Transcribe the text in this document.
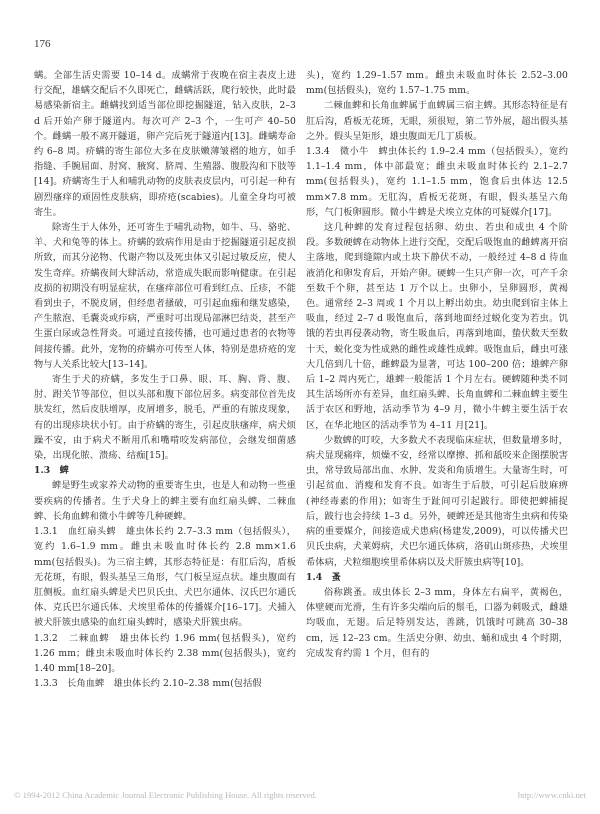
176

螨。全部生活史需要 10–14 d。成螨常于夜晚在宿主表皮上进行交配，雄螨交配后不久即死亡，雌螨活跃，爬行较快，此时最易感染新宿主。雌螨找到适当部位即挖掘隧道，钻入皮肤，2–3 d 后开始产卵于隧道内。每次可产 2–3 个，一生可产 40–50 个。雌螨一般不离开隧道，卵产完后死于隧道内[13]。雌螨寿命约 6–8 周。疥螨的寄生部位大多在皮肤嫩薄皱褶的地方，如手指缝、手腕屈面、肘窝、腋窝、脐周、生殖器、腹股沟和下肢等[14]。疥螨寄生于人和哺乳动物的皮肤表皮层内，可引起一种有剧烈瘙痒的顽固性皮肤病，即疥疮(scabies)。儿童全身均可被寄生。

除寄生于人体外，还可寄生于哺乳动物，如牛、马、骆驼、羊、犬和兔等的体上。疥螨的致病作用是由于挖掘隧道引起皮损所致，而其分泌物、代谢产物以及死虫体又引起过敏反应，使人发生奇痒。疥螨夜间大肆活动，常造成失眠而影响健康。在引起皮损的初期没有明显症状，在瘙痒部位可看到红点、丘疹，不能看到虫子，不脱皮屑，但经患者搔破，可引起血痂和继发感染，产生脓泡、毛囊炎或疖病，严重时可出现局部淋巴结炎，甚至产生蛋白尿或急性肾炎。可通过直接传播，也可通过患者的衣物等间接传播。此外，宠物的疥螨亦可传至人体，特别是患疥疮的宠物与人关系比较大[13–14]。

寄生于犬的疥螨，多发生于口鼻、眼、耳、胸、背、腹、肘、跗关节等部位，但以头部和腹下部位居多。病变部位首先皮肤发红，然后皮肤增厚，皮屑增多，脱毛，严重的有脓皮现象，有的出现疹块状小钉。由于疥螨的寄生，引起皮肤瘙痒，病犬烦躁不安，由于病犬不断用爪和嘴啃咬发病部位，会继发细菌感染，出现化脓、溃疡、结痂[15]。

1.3　蜱

蜱是野生或家养犬动物的重要寄生虫，也是人和动物一些重要疾病的传播者。生于犬身上的蜱主要有血红扇头蜱、二棘血蜱、长角血蜱和微小牛蜱等几种硬蜱。

1.3.1　血红扇头蜱　雄虫体长约 2.7–3.3 mm（包括假头），宽约 1.6–1.9 mm。雌虫未吸血时体长约 2.8 mm×1.6 mm(包括假头)。为三宿主蜱，其形态特征是：有肛后沟，盾板无花斑，有眼，假头基呈三角形，气门板呈逗点状。雄虫腹面有肛侧板。血红扇头蜱是犬巴贝氏虫、犬巴尔通体、汉氏巴尔通氏体、克氏巴尔通氏体、犬埃里希体的传播媒介[16–17]。犬捕入被犬肝簇虫感染的血红扇头蜱时，感染犬肝簇虫病。

1.3.2　二棘血蜱　雄虫体长约 1.96 mm(包括假头)，宽约 1.26 mm；雌虫未吸血时体长约 2.38 mm(包括假头)，宽约 1.40 mm[18–20]。

1.3.3　长角血蜱　雄虫体长约 2.10–2.38 mm(包括假

头)，宽约 1.29–1.57 mm。雌虫未吸血时体长 2.52–3.00 mm(包括假头)，宽约 1.57–1.75 mm。

二棘血蜱和长角血蜱属于血蜱属三宿主蜱。其形态特征是有肛后沟，盾板无花斑，无眼，须很短，第二节外展，超出假头基之外。假头呈矩形，雄虫腹面无几丁质板。

1.3.4　微小牛　蜱虫体长约 1.9–2.4 mm（包括假头），宽约 1.1–1.4 mm，体中部最宽；雌虫未吸血时体长约 2.1–2.7 mm(包括假头)，宽约 1.1–1.5 mm，饱食后虫体达 12.5 mm×7.8 mm。无肛沟，盾板无花斑，有眼，假头基呈六角形，气门板卵圆形。微小牛蜱是犬埃立克体的可疑媒介[17]。

这几种蜱的发育过程包括卵、幼虫、若虫和成虫 4 个阶段。多数硬蜱在动物体上进行交配，交配后吸饱血的雌蜱离开宿主落地，爬到缝隙内或土块下静伏不动，一般经过 4–8 d 待血液消化和卵发育后，开始产卵。硬蜱一生只产卵一次，可产千余至数千个卵，甚至达 1 万个以上。虫卵小，呈卵圆形，黄褐色。通常经 2–3 周或 1 个月以上孵出幼虫。幼虫爬到宿主体上吸血，经过 2–7 d 吸饱血后，落到地面经过蜕化变为若虫。饥饿的若虫再侵袭动物，寄生吸血后，再落到地面，蛰伏数天至数十天，蜕化变为性成熟的雌性或雄性成蜱。吸饱血后，雌虫可涨大几倍到几十倍，雌蜱最为显著，可达 100–200 倍；雄蜱产卵后 1–2 周内死亡，雄蜱一般能活 1 个月左右。硬蜱随种类不同其生活场所亦有差异，血红扇头蜱、长角血蜱和二棘血蜱主要生活于农区和野地，活动季节为 4–9 月，微小牛蜱主要生活于农区，在华北地区的活动季节为 4–11 月[21]。

少数蜱的叮咬，大多数犬不表现临床症状，但数量增多时，病犬显现痛痒，烦燥不安，经常以摩擦、抓和舐咬来企图摆脱害虫，常导致局部出血、水肿、发炎和角质增生。大量寄生时，可引起贫血、消瘦和发育不良。如寄生于后肢，可引起后肢麻痹(神经毒素的作用)；如寄生于趾间可引起跛行。即使把蜱捕捉后，跛行也会持续 1–3 d。另外，硬蜱还是其他寄生虫病和传染病的重要媒介，间接造成犬患病(杨建发,2009)，可以传播犬巴贝氏虫病，犬莱姆病，犬巴尔通氏体病，洛矶山斑疹热，犬埃里希体病，犬粒细胞埃里希体病以及犬肝簇虫病等[10]。

1.4　蚤

俗称跳蚤。成虫体长 2–3 mm，身体左右扁平，黄褐色，体壁硬而光滑，生有许多尖端向后的鬃毛，口器为刺吸式，雌雄均吸血，无翅。后足特别发达，善跳，饥饿时可跳高 30–38 cm，远 12–23 cm。生活史分卵、幼虫、蛹和成虫 4 个时期，完成发育约需 1 个月，但有的

© 1994-2012 China Academic Journal Electronic Publishing House. All rights reserved.	http://www.cnki.net
